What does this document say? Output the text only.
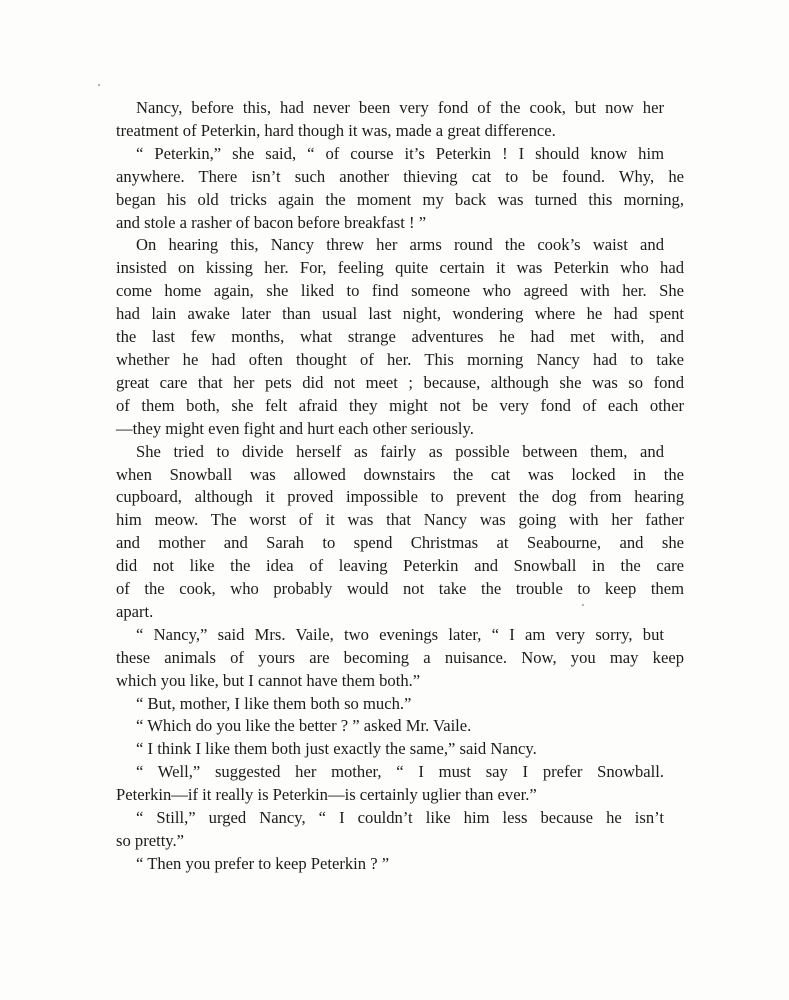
Nancy, before this, had never been very fond of the cook, but now her
treatment of Peterkin, hard though it was, made a great difference.

“ Peterkin,” she said, “ of course it’s Peterkin ! I should know him
anywhere. There isn’t such another thieving cat to be found. Why, he
began his old tricks again the moment my back was turned this morning,
and stole a rasher of bacon before breakfast ! ”

On hearing this, Nancy threw her arms round the cook’s waist and
insisted on kissing her. For, feeling quite certain it was Peterkin who had
come home again, she liked to find someone who agreed with her. She
had lain awake later than usual last night, wondering where he had spent
the last few months, what strange adventures he had met with, and
whether he had often thought of her. This morning Nancy had to take
great care that her pets did not meet ; because, although she was so fond
of them both, she felt afraid they might not be very fond of each other
—they might even fight and hurt each other seriously.

She tried to divide herself as fairly as possible between them, and
when Snowball was allowed downstairs the cat was locked in the
cupboard, although it proved impossible to prevent the dog from hearing
him meow. The worst of it was that Nancy was going with her father
and mother and Sarah to spend Christmas at Seabourne, and she
did not like the idea of leaving Peterkin and Snowball in the care
of the cook, who probably would not take the trouble to keep them
apart.

“ Nancy,” said Mrs. Vaile, two evenings later, “ I am very sorry, but
these animals of yours are becoming a nuisance. Now, you may keep
which you like, but I cannot have them both.”

“ But, mother, I like them both so much.”

“ Which do you like the better ? ” asked Mr. Vaile.

“ I think I like them both just exactly the same,” said Nancy.

“ Well,” suggested her mother, “ I must say I prefer Snowball.
Peterkin—if it really is Peterkin—is certainly uglier than ever.”

“ Still,” urged Nancy, “ I couldn’t like him less because he isn’t
so pretty.”

“ Then you prefer to keep Peterkin ? ”
